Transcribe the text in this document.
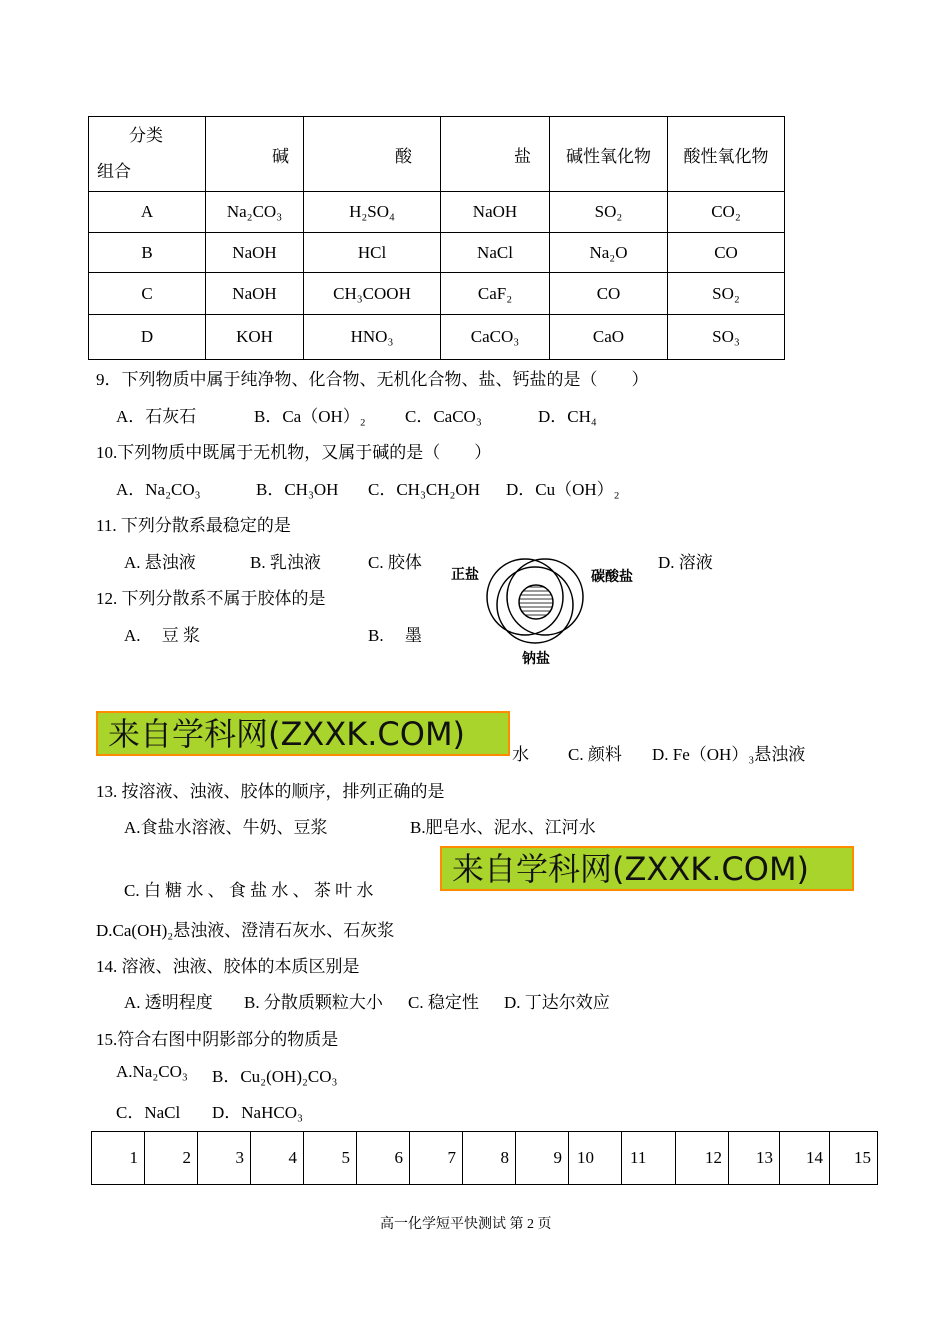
分类
组合	碱	酸	盐	碱性氧化物	酸性氧化物
A	Na₂CO₃	H₂SO₄	NaOH	SO₂	CO₂
B	NaOH	HCl	NaCl	Na₂O	CO
C	NaOH	CH₃COOH	CaF₂	CO	SO₂
D	KOH	HNO₃	CaCO₃	CaO	SO₃
9．下列物质中属于纯净物、化合物、无机化合物、盐、钙盐的是（　　）
A．石灰石	B．Ca（OH）₂ C．CaCO₃	D．CH₄
10.下列物质中既属于无机物，又属于碱的是（　　）
A．Na₂CO₃	B．CH₃OH C．CH₃CH₂OH D．Cu（OH）₂
11. 下列分散系最稳定的是
A. 悬浊液	B. 乳浊液	C. 胶体	D. 溶液
正盐	碳酸盐
钠盐
12. 下列分散系不属于胶体的是
A.　 豆 浆	B.　 墨
来自学科网(ZXXK.COM)
水 C. 颜料 D. Fe（OH）₃悬浊液
13. 按溶液、浊液、胶体的顺序，排列正确的是
A.食盐水溶液、牛奶、豆浆	B.肥皂水、泥水、江河水
来自学科网(ZXXK.COM)
C. 白 糖 水 、 食 盐 水 、 茶 叶 水
D.Ca(OH)₂悬浊液、澄清石灰水、石灰浆
14. 溶液、浊液、胶体的本质区别是
A. 透明程度 B. 分散质颗粒大小 C. 稳定性 D. 丁达尔效应
15.符合右图中阴影部分的物质是
A.Na₂CO₃ B．Cu₂(OH)₂CO₃
C．NaCl D．NaHCO₃
1	2	3	4	5	6	7	8	9	10	11	12	13	14	15
高一化学短平快测试 第 2 页
